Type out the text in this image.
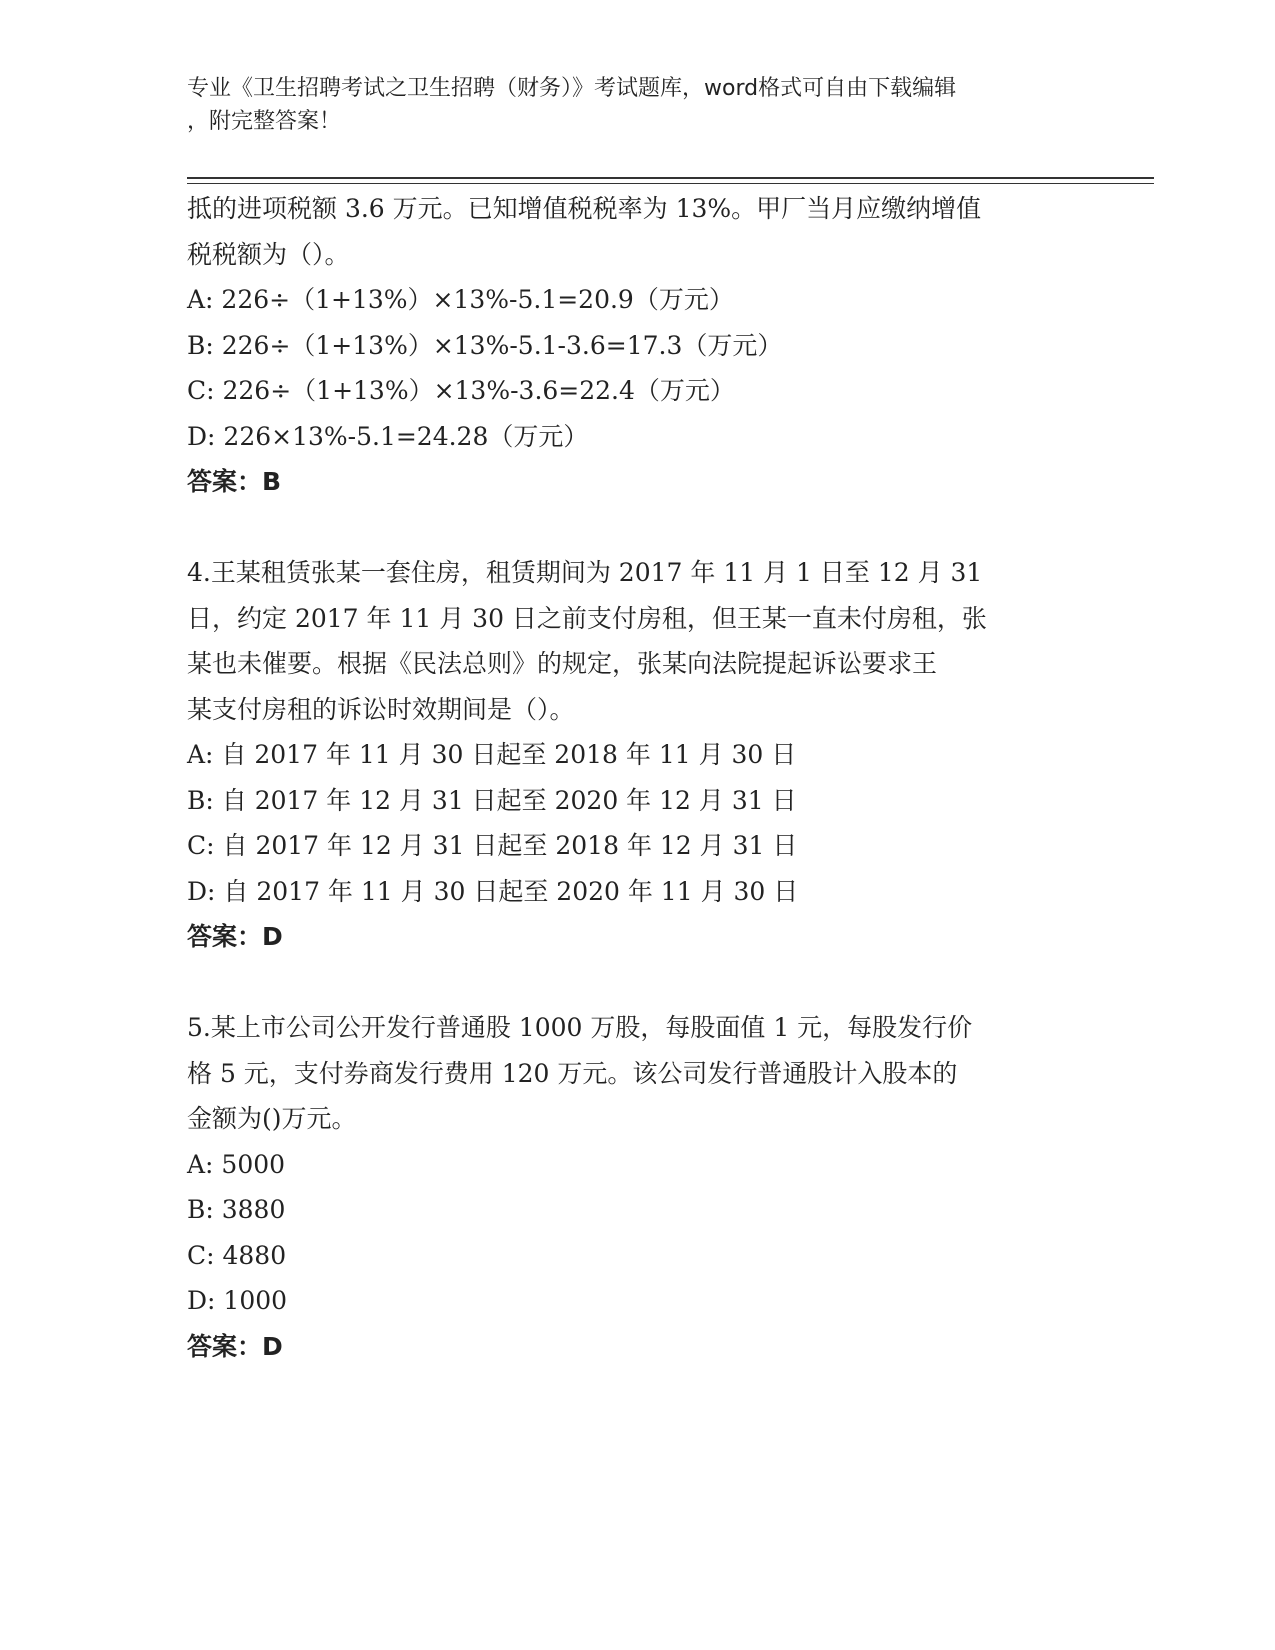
专业《卫生招聘考试之卫生招聘（财务）》考试题库，word格式可自由下载编辑
，附完整答案！

抵的进项税额 3.6 万元。已知增值税税率为 13%。甲厂当月应缴纳增值

税税额为（）。

A: 226÷（1+13%）×13%-5.1=20.9（万元）

B: 226÷（1+13%）×13%-5.1-3.6=17.3（万元）

C: 226÷（1+13%）×13%-3.6=22.4（万元）

D: 226×13%-5.1=24.28（万元）

答案：B

4.王某租赁张某一套住房，租赁期间为 2017 年 11 月 1 日至 12 月 31

日，约定 2017 年 11 月 30 日之前支付房租，但王某一直未付房租，张

某也未催要。根据《民法总则》的规定，张某向法院提起诉讼要求王

某支付房租的诉讼时效期间是（）。

A: 自 2017 年 11 月 30 日起至 2018 年 11 月 30 日

B: 自 2017 年 12 月 31 日起至 2020 年 12 月 31 日

C: 自 2017 年 12 月 31 日起至 2018 年 12 月 31 日

D: 自 2017 年 11 月 30 日起至 2020 年 11 月 30 日

答案：D

5.某上市公司公开发行普通股 1000 万股，每股面值 1 元，每股发行价

格 5 元，支付券商发行费用 120 万元。该公司发行普通股计入股本的

金额为()万元。

A: 5000

B: 3880

C: 4880

D: 1000

答案：D
